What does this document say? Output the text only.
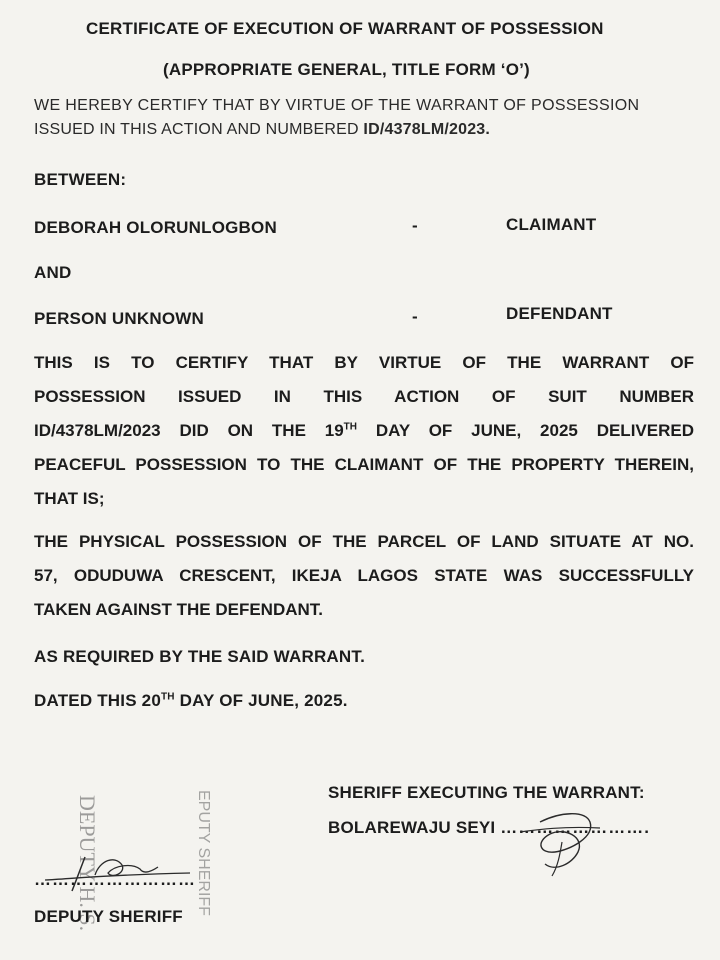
CERTIFICATE OF EXECUTION OF WARRANT OF POSSESSION
(APPROPRIATE GENERAL, TITLE FORM ‘O’)
WE HEREBY CERTIFY THAT BY VIRTUE OF THE WARRANT OF POSSESSION
ISSUED IN THIS ACTION AND NUMBERED ID/4378LM/2023.
BETWEEN:
DEBORAH OLORUNLOGBON	-	CLAIMANT
AND
PERSON UNKNOWN	-	DEFENDANT
THIS IS TO CERTIFY THAT BY VIRTUE OF THE WARRANT OF
POSSESSION ISSUED IN THIS ACTION OF SUIT NUMBER
ID/4378LM/2023 DID ON THE 19TH DAY OF JUNE, 2025 DELIVERED
PEACEFUL POSSESSION TO THE CLAIMANT OF THE PROPERTY THEREIN,
THAT IS;
THE PHYSICAL POSSESSION OF THE PARCEL OF LAND SITUATE AT NO.
57, ODUDUWA CRESCENT, IKEJA LAGOS STATE WAS SUCCESSFULLY
TAKEN AGAINST THE DEFENDANT.
AS REQUIRED BY THE SAID WARRANT.
DATED THIS 20TH DAY OF JUNE, 2025.
SHERIFF EXECUTING THE WARRANT:
BOLAREWAJU SEYI …………………….
DEPUTY H. S.	EPUTY SHERIFF
………………………
DEPUTY SHERIFF
